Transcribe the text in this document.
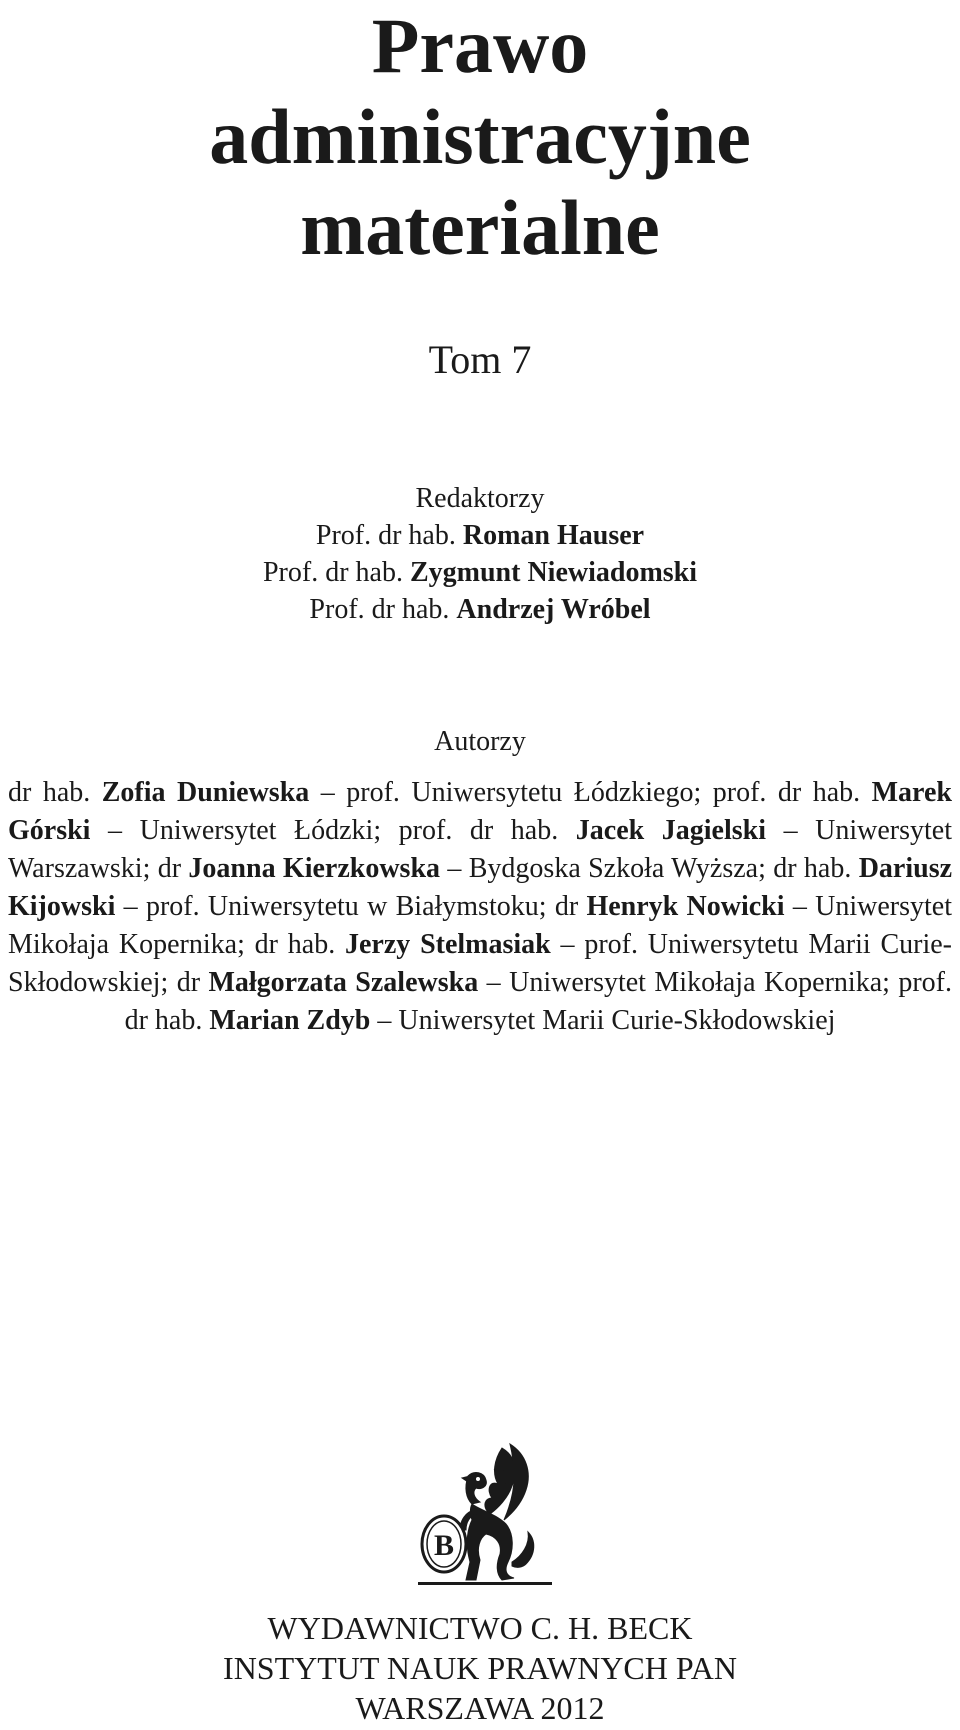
Prawo
administracyjne
materialne
Tom 7
Redaktorzy
Prof. dr hab. Roman Hauser
Prof. dr hab. Zygmunt Niewiadomski
Prof. dr hab. Andrzej Wróbel
Autorzy
dr hab. Zofia Duniewska – prof. Uniwersytetu Łódzkiego; prof. dr hab. Marek Górski – Uniwersytet Łódzki; prof. dr hab. Jacek Jagielski – Uniwersytet Warszawski; dr Joanna Kierzkowska – Bydgoska Szkoła Wyższa; dr hab. Dariusz Kijowski – prof. Uniwersytetu w Białymstoku; dr Henryk Nowicki – Uniwersytet Mikołaja Kopernika; dr hab. Jerzy Stelmasiak – prof. Uniwersytetu Marii Curie-Skłodowskiej; dr Małgorzata Szalewska – Uniwersytet Mikołaja Kopernika; prof. dr hab. Marian Zdyb – Uniwersytet Marii Curie-Skłodowskiej
B
WYDAWNICTWO C. H. BECK
INSTYTUT NAUK PRAWNYCH PAN
WARSZAWA 2012
